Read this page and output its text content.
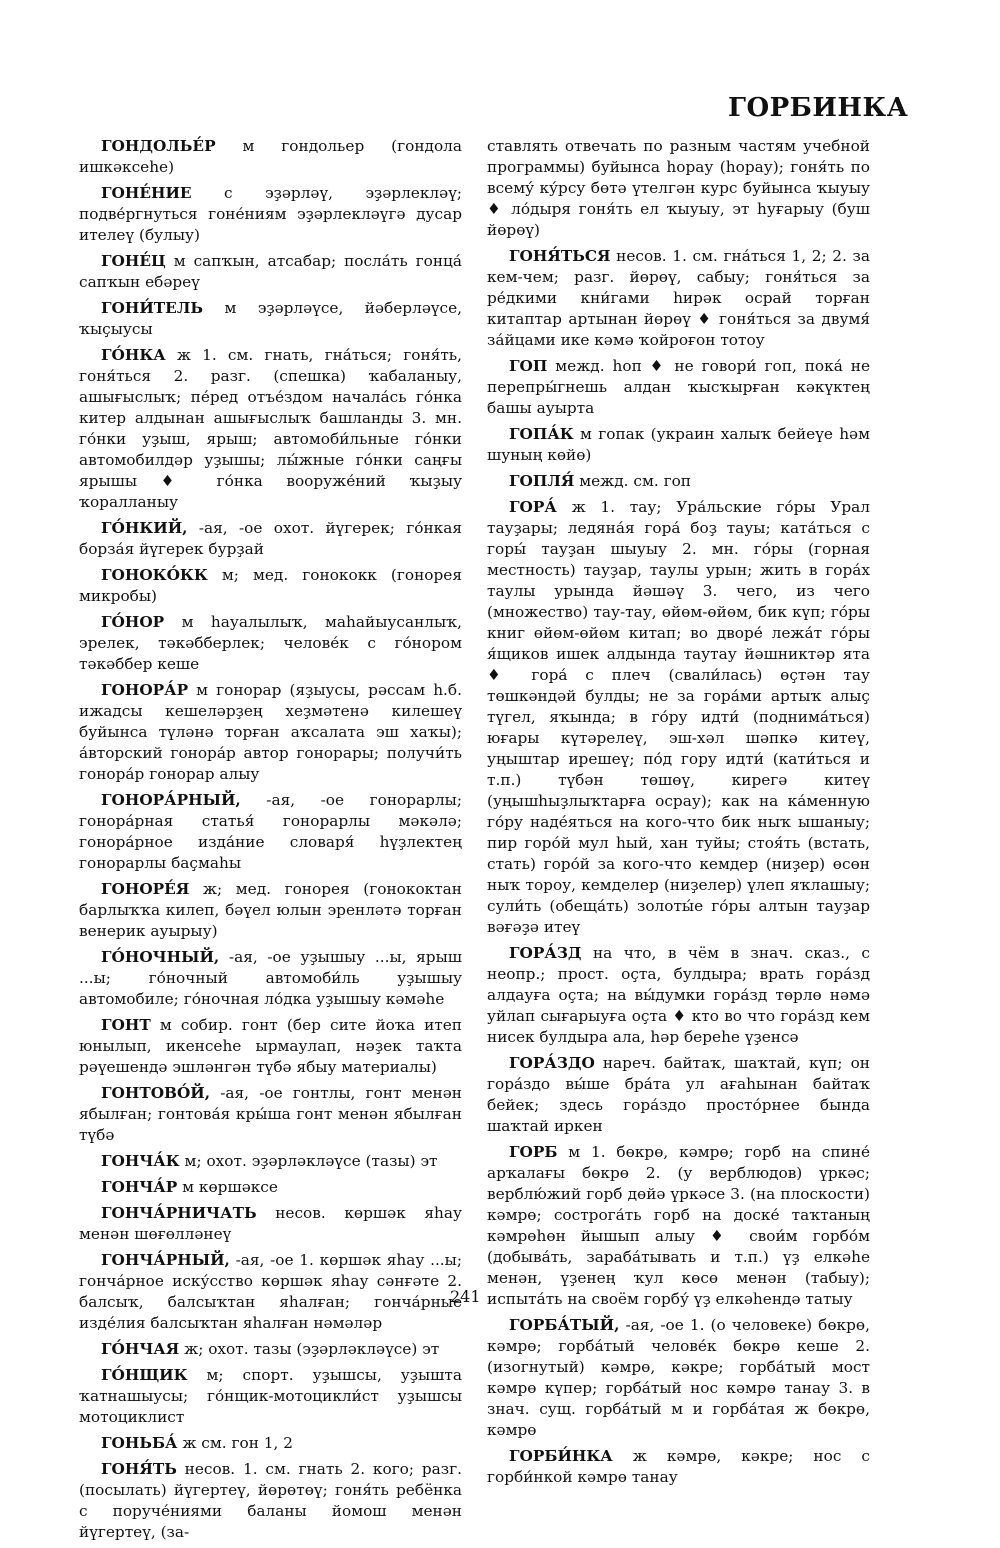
ГОРБИНКА

ГОНДОЛЬЕ́Р м гондольер (гондола ишкәксеһе)

ГОНЕ́НИЕ с эҙәрләү, эҙәрлекләү; подве́ргнуться гоне́ниям эҙәрлекләүгә дусар ителеү (булыу)

ГОНЕ́Ц м сапҡын, атсабар; посла́ть гонца́ сапҡын ебәреү

ГОНИ́ТЕЛЬ м эҙәрләүсе, йәберләүсе, ҡыҫыусы

ГО́НКА ж 1. см. гнать, гна́ться; гоня́ть, гоня́ться 2. разг. (спешка) ҡабаланыу, ашығыслыҡ; пе́ред отъе́здом начала́сь го́нка китер алдынан ашығыслыҡ башланды 3. мн. го́нки уҙыш, ярыш; автомоби́льные го́нки автомобилдәр уҙышы; лы́жные го́нки саңғы ярышы ♦ го́нка вооруже́ний ҡыҙыу ҡоралланыу

ГО́НКИЙ, -ая, -ое охот. йүгерек; го́нкая борза́я йүгерек бурҙай

ГОНОКО́КК м; мед. гонококк (гонорея микробы)

ГО́НОР м һауалылыҡ, маһайыусанлыҡ, эрелек, тәкәбберлек; челове́к с го́нором тәкәббер кеше

ГОНОРА́Р м гонорар (яҙыусы, рәссам һ.б. ижадсы кешеләрҙең хеҙмәтенә килешеү буйынса түләнә торған аҡсалата эш хаҡы); а́вторский гонора́р автор гонорары; получи́ть гонора́р гонорар алыу

ГОНОРА́РНЫЙ, -ая, -ое гонорарлы; гонора́рная статья́ гонорарлы мәкәлә; гонора́рное изда́ние словаря́ һүҙлектең гонорарлы баҫмаһы

ГОНОРЕ́Я ж; мед. гонорея (гонококтан барлыҡҡа килеп, бәүел юлын эренләтә торған венерик ауырыу)

ГО́НОЧНЫЙ, -ая, -ое уҙышыу ...ы, ярыш ...ы; го́ночный автомоби́ль уҙышыу автомобиле; го́ночная ло́дка уҙышыу кәмәһе

ГОНТ м собир. гонт (бер сите йоҡа итеп юнылып, икенсеһе ырмаулап, нәҙек таҡта рәүешендә эшләнгән түбә ябыу материалы)

ГОНТОВО́Й, -ая, -ое гонтлы, гонт менән ябылған; гонтова́я кры́ша гонт менән ябылған түбә

ГОНЧА́К м; охот. эҙәрләкләүсе (тазы) эт

ГОНЧА́Р м көршәксе

ГОНЧА́РНИЧАТЬ несов. көршәк яһау менән шөғөлләнеү

ГОНЧА́РНЫЙ, -ая, -ое 1. көршәк яһау ...ы; гонча́рное иску́сство көршәк яһау сәнғәте 2. балсыҡ, балсыҡтан яһалған; гонча́рные изде́лия балсыҡтан яһалған нәмәләр

ГО́НЧАЯ ж; охот. тазы (эҙәрләкләүсе) эт

ГО́НЩИК м; спорт. уҙышсы, уҙышта ҡатнашыусы; го́нщик-мотоцикли́ст уҙышсы мотоциклист

ГОНЬБА́ ж см. гон 1, 2

ГОНЯ́ТЬ несов. 1. см. гнать 2. кого; разг. (посылать) йүгертеү, йөрөтөү; гоня́ть ребёнка с поруче́ниями баланы йомош менән йүгертеү, (за-

ставлять отвечать по разным частям учебной программы) буйынса һорау (һорау); гоня́ть по всему́ ку́рсу бөтә үтелгән курс буйынса ҡыуыу ♦ ло́дыря гоня́ть ел ҡыуыу, эт һуғарыу (буш йөрөү)

ГОНЯ́ТЬСЯ несов. 1. см. гна́ться 1, 2; 2. за кем-чем; разг. йөрөү, сабыу; гоня́ться за ре́дкими кни́гами һирәк осрай торған китаптар артынан йөрөү ♦ гоня́ться за двумя́ за́йцами ике кәмә ҡойроғон тотоу

ГОП межд. һоп ♦ не говори́ гоп, пока́ не перепры́гнешь алдан ҡысҡырған кәкүктең башы ауырта

ГОПА́К м гопак (украин халыҡ бейеүе һәм шуның көйө)

ГОПЛЯ́ межд. см. гоп

ГОРА́ ж 1. тау; Ура́льские го́ры Урал тауҙары; ледяна́я гора́ боҙ тауы; ката́ться с горы́ тауҙан шыуыу 2. мн. го́ры (горная местность) тауҙар, таулы урын; жить в гора́х таулы урында йәшәү 3. чего, из чего (множество) тау-тау, өйөм-өйөм, бик күп; го́ры книг өйөм-өйөм китап; во дворе́ лежа́т го́ры я́щиков ишек алдында таутау йәшниктәр ята ♦ гора́ с плеч (свали́лась) өҫтән тау төшкәндәй булды; не за гора́ми артыҡ алыҫ түгел, яҡында; в го́ру идти́ (поднима́ться) юғары күтәрелеү, эш-хәл шәпкә китеү, уңыштар ирешеү; по́д гору идти́ (кати́ться и т.п.) түбән төшөү, кирегә китеү (уңышһыҙлыҡтарға осрау); как на ка́менную го́ру наде́яться на кого-что бик ныҡ ышаныу; пир горо́й мул һый, хан туйы; стоя́ть (встать, стать) горо́й за кого-что кемдер (ниҙер) өсөн ныҡ тороу, кемделер (ниҙелер) үлеп яҡлашыу; сули́ть (обеща́ть) золоты́е го́ры алтын тауҙар вәғәҙә итеү

ГОРА́ЗД на что, в чём в знач. сказ., с неопр.; прост. оҫта, булдыра; врать гора́зд алдауға оҫта; на вы́думки гора́зд төрлө нәмә уйлап сығарыуға оҫта ♦ кто во что гора́зд кем нисек булдыра ала, һәр береһе үҙенсә

ГОРА́ЗДО нареч. байтаҡ, шаҡтай, күп; он гора́здо вы́ше бра́та ул ағаһынан байтаҡ бейек; здесь гора́здо просто́рнее бында шаҡтай иркен

ГОРБ м 1. бөкрө, кәмрө; горб на спине́ арҡалағы бөкрө 2. (у верблюдов) үркәс; верблю́жий горб дөйә үркәсе 3. (на плоскости) кәмрө; сострога́ть горб на доске́ таҡтаның кәмрөһөн йышып алыу ♦ свои́м горбо́м (добыва́ть, зараба́тывать и т.п.) үҙ елкәһе менән, үҙенең ҡул көсө менән (табыу); испыта́ть на своём горбу́ үҙ елкәһендә татыу

ГОРБА́ТЫЙ, -ая, -ое 1. (о человеке) бөкрө, кәмрө; горба́тый челове́к бөкрө кеше 2. (изогнутый) кәмрө, кәкре; горба́тый мост кәмрө күпер; горба́тый нос кәмрө танау 3. в знач. сущ. горба́тый м и горба́тая ж бөкрө, кәмрө

ГОРБИ́НКА ж кәмрө, кәкре; нос с горби́нкой кәмрө танау

241
